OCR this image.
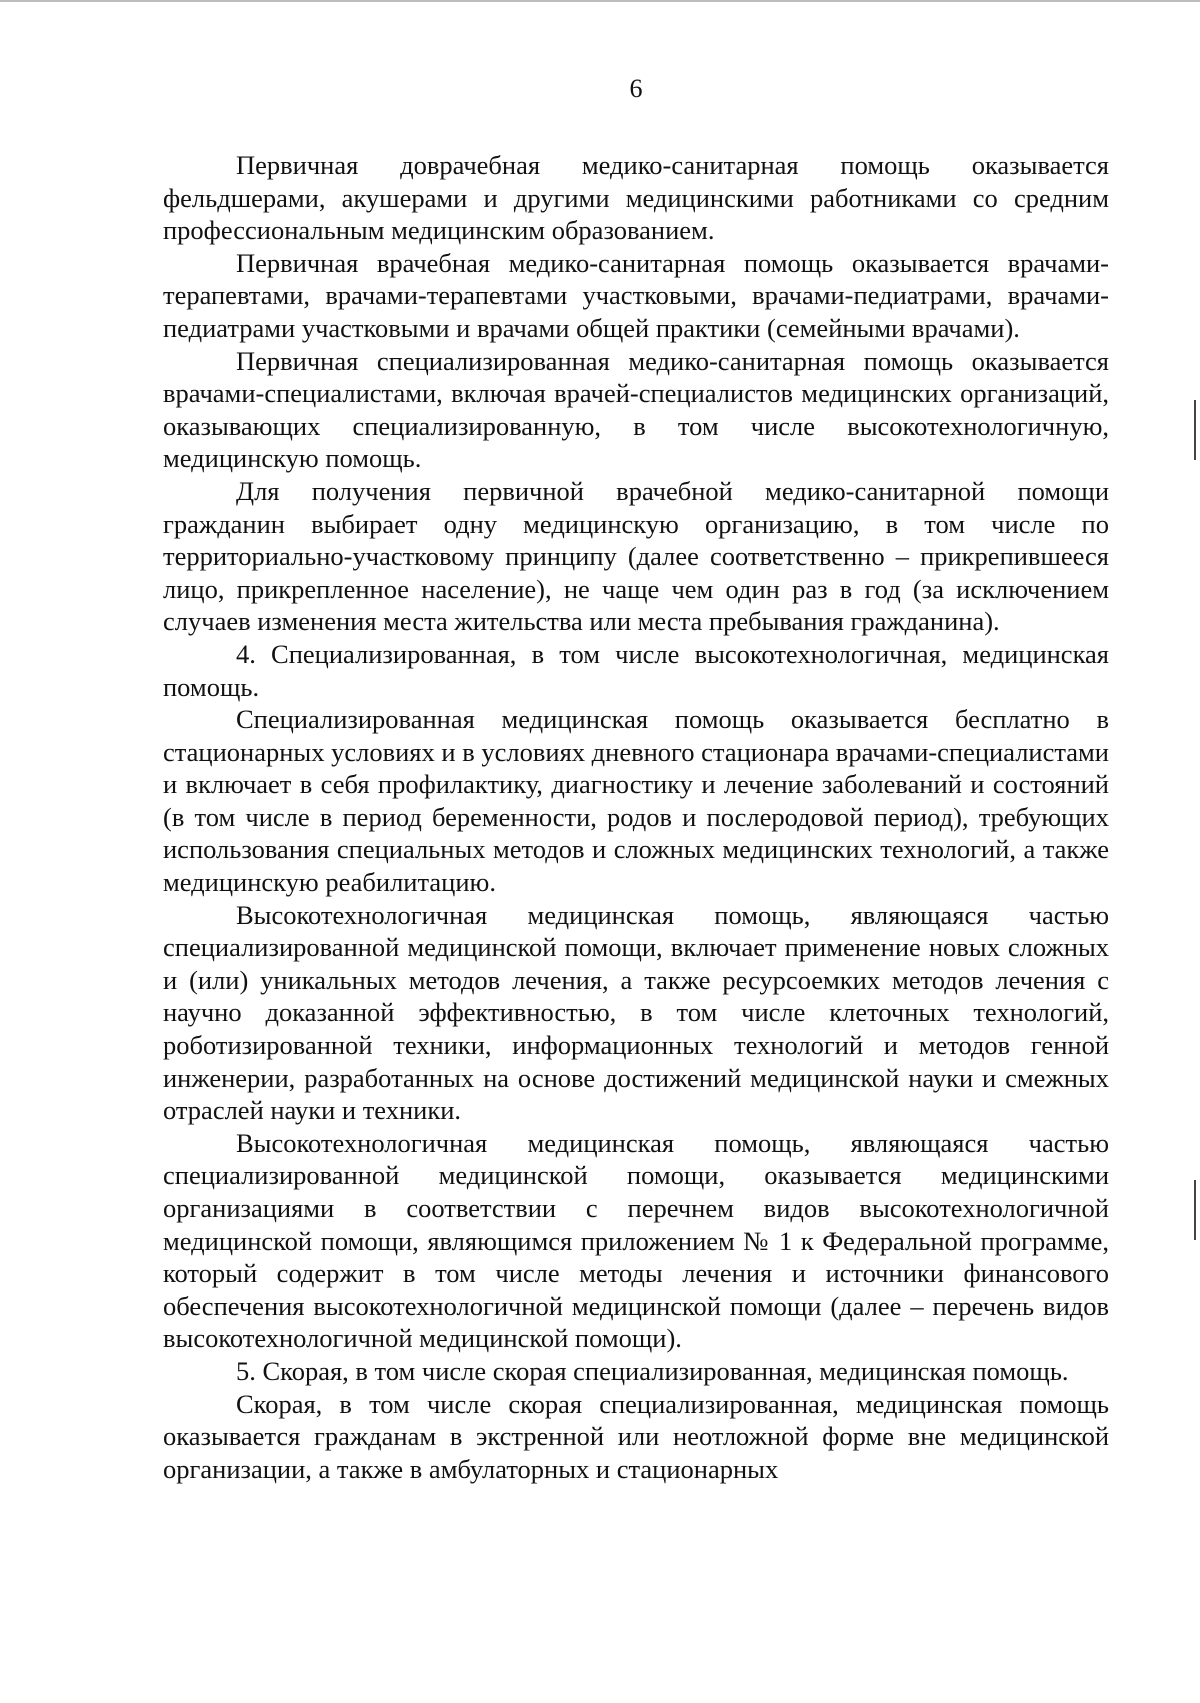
6

Первичная доврачебная медико-санитарная помощь оказывается фельдшерами, акушерами и другими медицинскими работниками со средним профессиональным медицинским образованием.

Первичная врачебная медико-санитарная помощь оказывается врачами-терапевтами, врачами-терапевтами участковыми, врачами-педиатрами, врачами-педиатрами участковыми и врачами общей практики (семейными врачами).

Первичная специализированная медико-санитарная помощь оказывается врачами-специалистами, включая врачей-специалистов медицинских организаций, оказывающих специализированную, в том числе высокотехнологичную, медицинскую помощь.

Для получения первичной врачебной медико-санитарной помощи гражданин выбирает одну медицинскую организацию, в том числе по территориально-участковому принципу (далее соответственно – прикрепившееся лицо, прикрепленное население), не чаще чем один раз в год (за исключением случаев изменения места жительства или места пребывания гражданина).

4. Специализированная, в том числе высокотехнологичная, медицинская помощь.

Специализированная медицинская помощь оказывается бесплатно в стационарных условиях и в условиях дневного стационара врачами-специалистами и включает в себя профилактику, диагностику и лечение заболеваний и состояний (в том числе в период беременности, родов и послеродовой период), требующих использования специальных методов и сложных медицинских технологий, а также медицинскую реабилитацию.

Высокотехнологичная медицинская помощь, являющаяся частью специализированной медицинской помощи, включает применение новых сложных и (или) уникальных методов лечения, а также ресурсоемких методов лечения с научно доказанной эффективностью, в том числе клеточных технологий, роботизированной техники, информационных технологий и методов генной инженерии, разработанных на основе достижений медицинской науки и смежных отраслей науки и техники.

Высокотехнологичная медицинская помощь, являющаяся частью специализированной медицинской помощи, оказывается медицинскими организациями в соответствии с перечнем видов высокотехнологичной медицинской помощи, являющимся приложением № 1 к Федеральной программе, который содержит в том числе методы лечения и источники финансового обеспечения высокотехнологичной медицинской помощи (далее – перечень видов высокотехнологичной медицинской помощи).

5. Скорая, в том числе скорая специализированная, медицинская помощь.

Скорая, в том числе скорая специализированная, медицинская помощь оказывается гражданам в экстренной или неотложной форме вне медицинской организации, а также в амбулаторных и стационарных
